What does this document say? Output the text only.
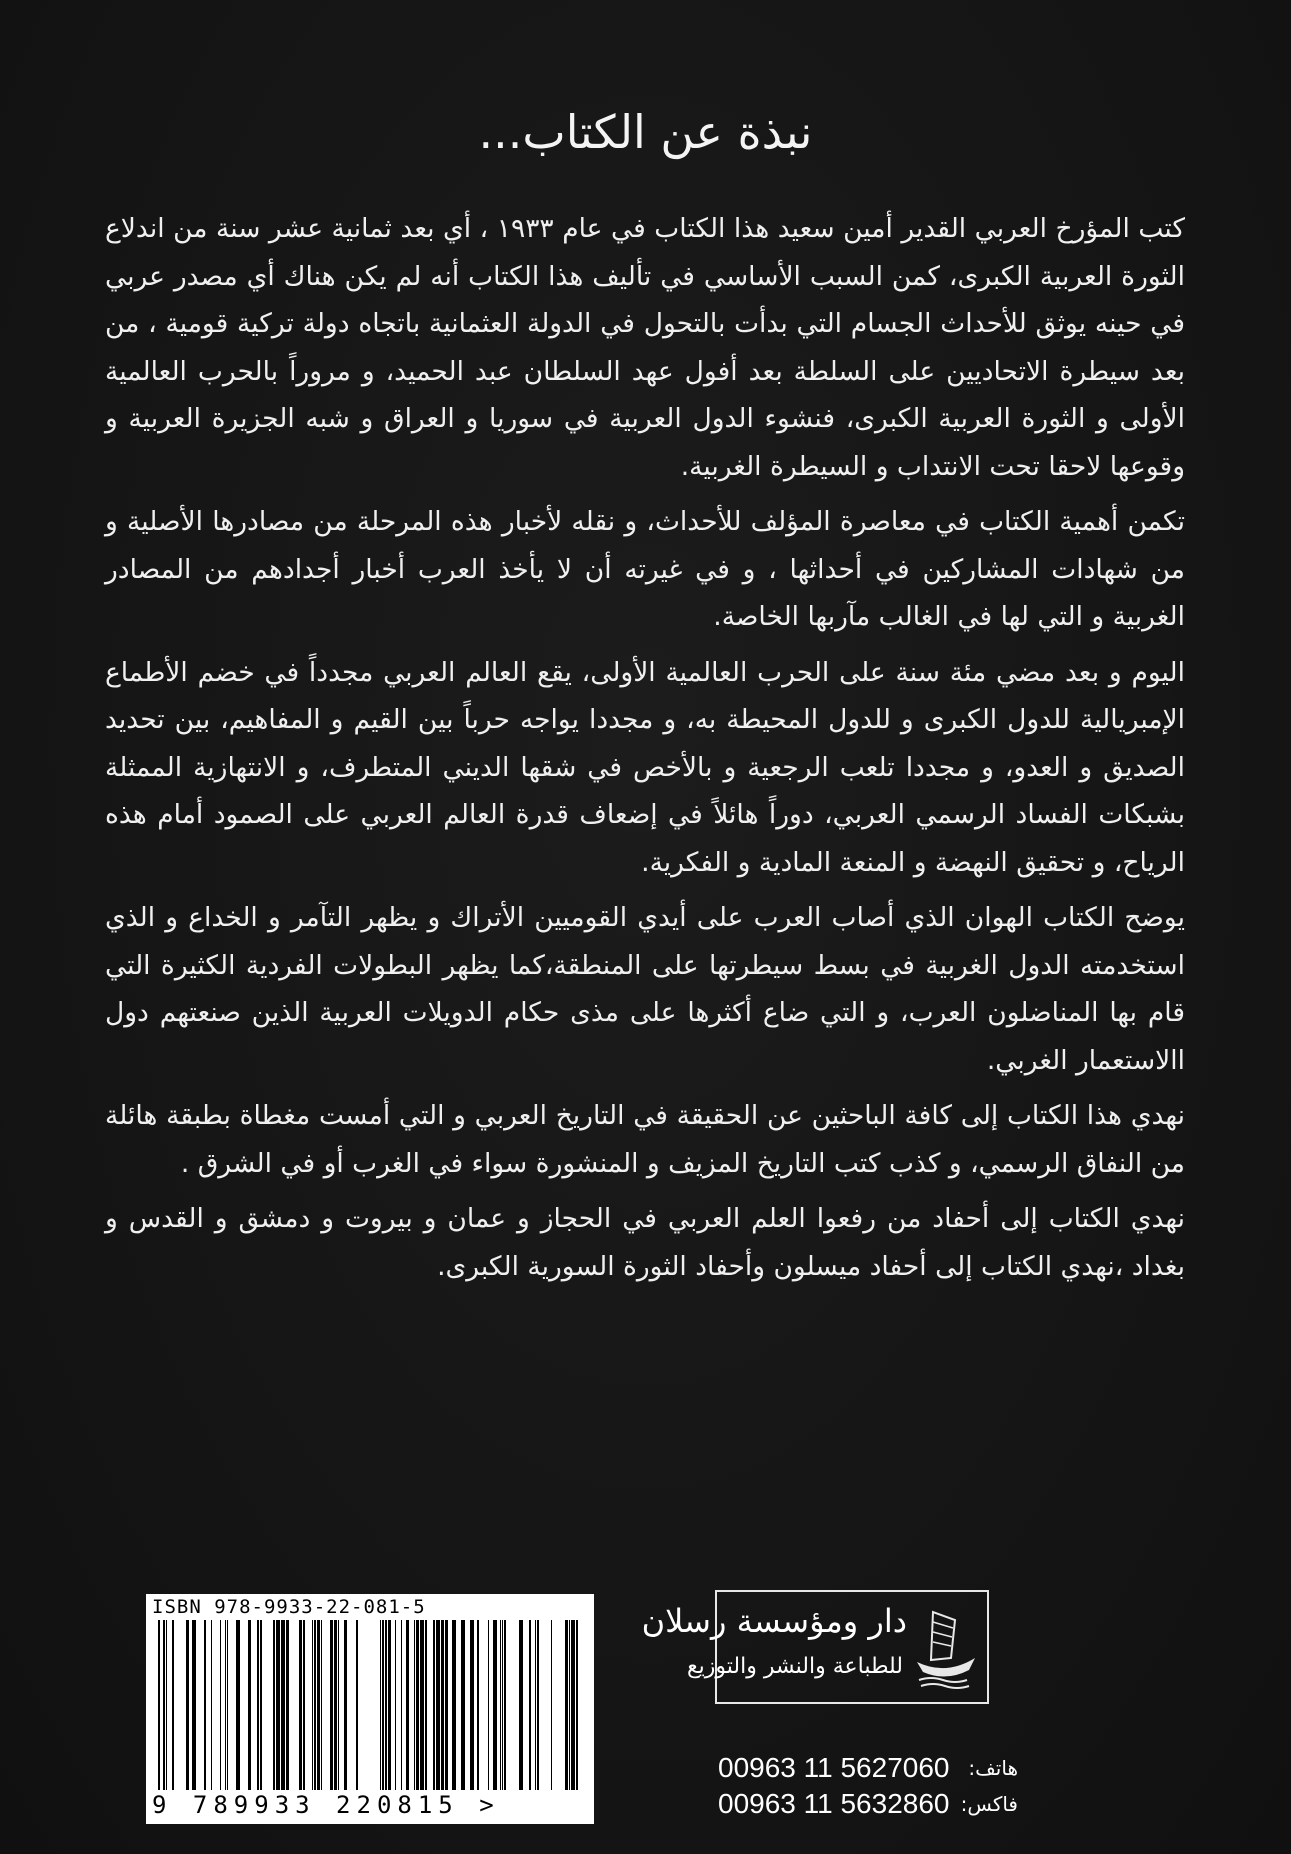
نبذة عن الكتاب...

كتب المؤرخ العربي القدير أمين سعيد هذا الكتاب في عام ١٩٣٣ ، أي بعد ثمانية عشر سنة من اندلاع الثورة العربية الكبرى، كمن السبب الأساسي في تأليف هذا الكتاب أنه لم يكن هناك أي مصدر عربي في حينه يوثق للأحداث الجسام التي بدأت بالتحول في الدولة العثمانية باتجاه دولة تركية قومية ، من بعد سيطرة الاتحاديين على السلطة بعد أفول عهد السلطان عبد الحميد، و مروراً بالحرب العالمية الأولى و الثورة العربية الكبرى، فنشوء الدول العربية في سوريا و العراق و شبه الجزيرة العربية و وقوعها لاحقا تحت الانتداب و السيطرة الغربية.

تكمن أهمية الكتاب في معاصرة المؤلف للأحداث، و نقله لأخبار هذه المرحلة من مصادرها الأصلية و من شهادات المشاركين في أحداثها ، و في غيرته أن لا يأخذ العرب أخبار أجدادهم من المصادر الغربية و التي لها في الغالب مآربها الخاصة.

اليوم و بعد مضي مئة سنة على الحرب العالمية الأولى، يقع العالم العربي مجدداً في خضم الأطماع الإمبريالية للدول الكبرى و للدول المحيطة به، و مجددا يواجه حرباً بين القيم و المفاهيم، بين تحديد الصديق و العدو، و مجددا تلعب الرجعية و بالأخص في شقها الديني المتطرف، و الانتهازية الممثلة بشبكات الفساد الرسمي العربي، دوراً هائلاً في إضعاف قدرة العالم العربي على الصمود أمام هذه الرياح، و تحقيق النهضة و المنعة المادية و الفكرية.

يوضح الكتاب الهوان الذي أصاب العرب على أيدي القوميين الأتراك و يظهر التآمر و الخداع و الذي استخدمته الدول الغربية في بسط سيطرتها على المنطقة،كما يظهر البطولات الفردية الكثيرة التي قام بها المناضلون العرب، و التي ضاع أكثرها على مذى حكام الدويلات العربية الذين صنعتهم دول االاستعمار الغربي.

نهدي هذا الكتاب إلى كافة الباحثين عن الحقيقة في التاريخ العربي و التي أمست مغطاة بطبقة هائلة من النفاق الرسمي، و كذب كتب التاريخ المزيف و المنشورة سواء في الغرب أو في الشرق .

نهدي الكتاب إلى أحفاد من رفعوا العلم العربي في الحجاز و عمان و بيروت و دمشق و القدس و بغداد ،نهدي الكتاب إلى أحفاد ميسلون وأحفاد الثورة السورية الكبرى.

ISBN 978-9933-22-081-5
9 789933 220815 >
دار ومؤسسة رسلان
للطباعة والنشر والتوزيع
00963 11 5627060 هاتف:
00963 11 5632860 فاكس:
